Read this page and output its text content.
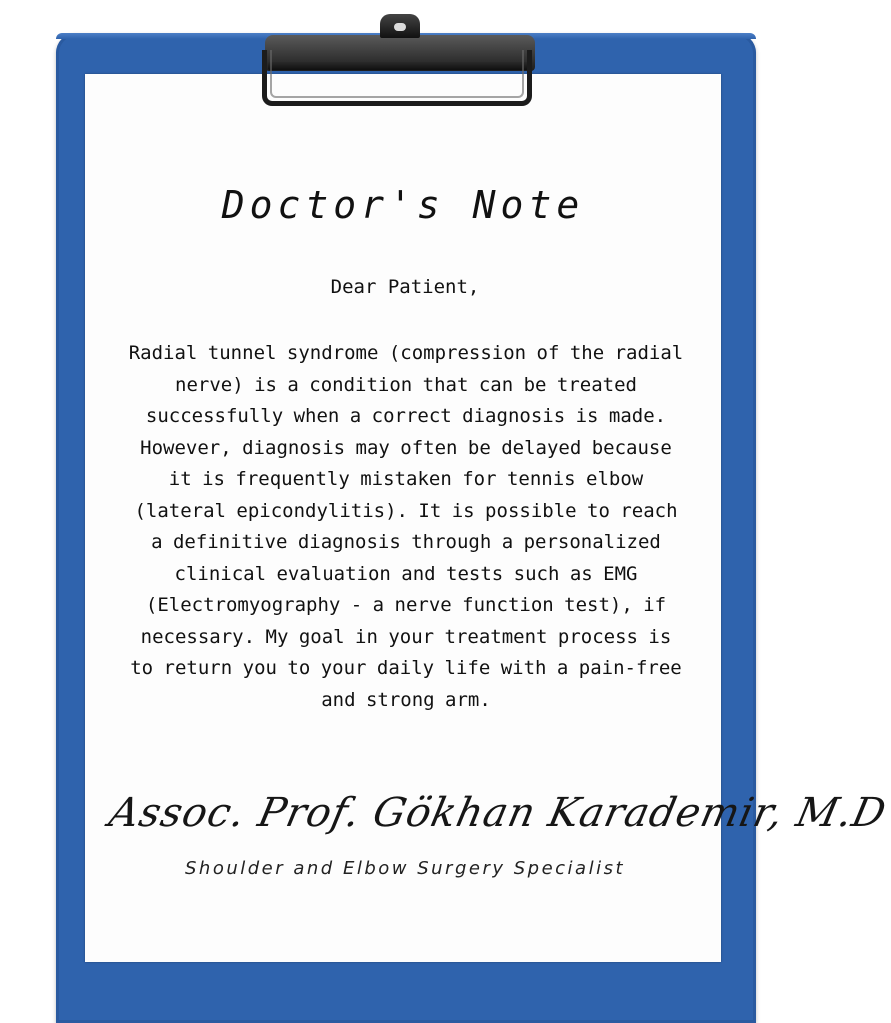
Doctor's Note
Dear Patient,
Radial tunnel syndrome (compression of the radial nerve) is a condition that can be treated successfully when a correct diagnosis is made. However, diagnosis may often be delayed because it is frequently mistaken for tennis elbow (lateral epicondylitis). It is possible to reach a definitive diagnosis through a personalized clinical evaluation and tests such as EMG (Electromyography - a nerve function test), if necessary. My goal in your treatment process is to return you to your daily life with a pain-free and strong arm.
Assoc. Prof. Gökhan Karademir, M.D
Shoulder and Elbow Surgery Specialist
